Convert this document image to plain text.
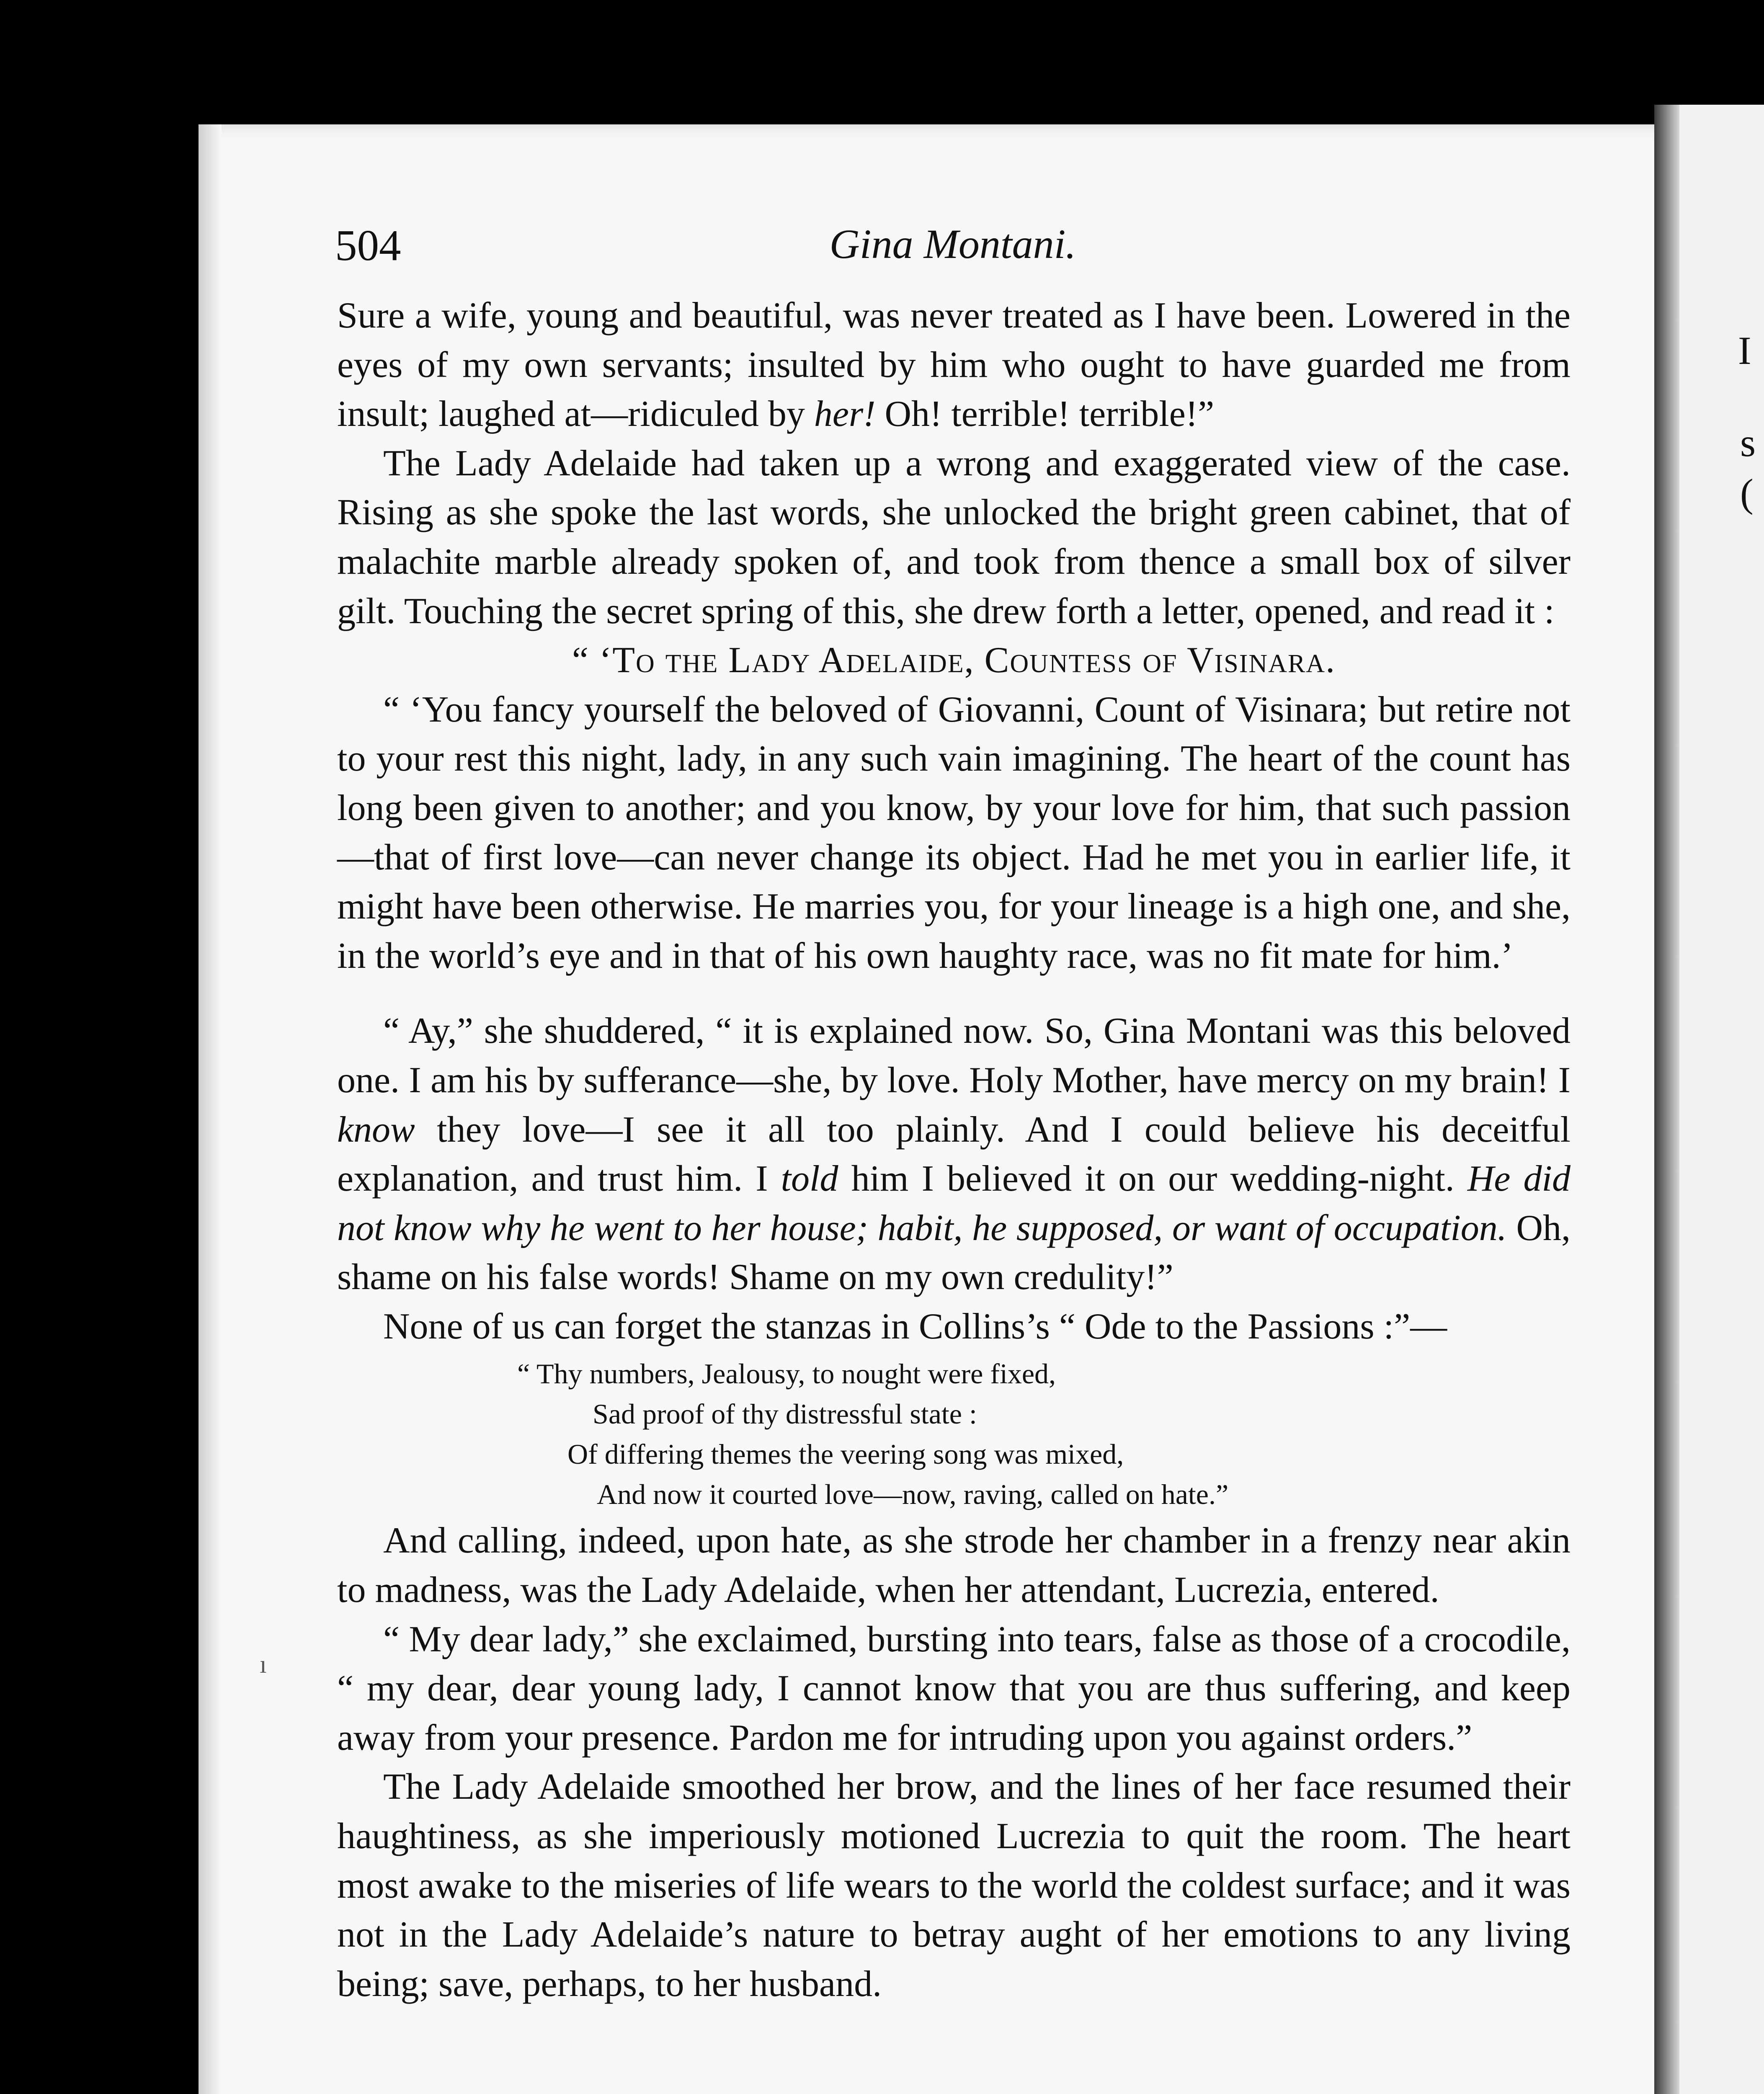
I
s
(
504	Gina Montani.

Sure a wife, young and beautiful, was never treated as I have been. Lowered in the eyes of my own servants; insulted by him who ought to have guarded me from insult; laughed at—ridiculed by her! Oh! terrible! terrible!”

The Lady Adelaide had taken up a wrong and exaggerated view of the case. Rising as she spoke the last words, she unlocked the bright green cabinet, that of malachite marble already spoken of, and took from thence a small box of silver gilt. Touching the secret spring of this, she drew forth a letter, opened, and read it :

“ ‘To the Lady Adelaide, Countess of Visinara.

“ ‘You fancy yourself the beloved of Giovanni, Count of Visinara; but retire not to your rest this night, lady, in any such vain imagining. The heart of the count has long been given to another; and you know, by your love for him, that such passion—that of first love—can never change its object. Had he met you in earlier life, it might have been otherwise. He marries you, for your lineage is a high one, and she, in the world’s eye and in that of his own haughty race, was no fit mate for him.’

“ Ay,” she shuddered, “ it is explained now. So, Gina Montani was this beloved one. I am his by sufferance—she, by love. Holy Mother, have mercy on my brain! I know they love—I see it all too plainly. And I could believe his deceitful explanation, and trust him. I told him I believed it on our wedding-night. He did not know why he went to her house; habit, he supposed, or want of occupation. Oh, shame on his false words! Shame on my own credulity!”

None of us can forget the stanzas in Collins’s “ Ode to the Passions :”—

“ Thy numbers, Jealousy, to nought were fixed,
Sad proof of thy distressful state :
Of differing themes the veering song was mixed,
And now it courted love—now, raving, called on hate.”

And calling, indeed, upon hate, as she strode her chamber in a frenzy near akin to madness, was the Lady Adelaide, when her attendant, Lucrezia, entered.

“ My dear lady,” she exclaimed, bursting into tears, false as those of a crocodile, “ my dear, dear young lady, I cannot know that you are thus suffering, and keep away from your presence. Pardon me for intruding upon you against orders.”

The Lady Adelaide smoothed her brow, and the lines of her face resumed their haughtiness, as she imperiously motioned Lucrezia to quit the room. The heart most awake to the miseries of life wears to the world the coldest surface; and it was not in the Lady Adelaide’s nature to betray aught of her emotions to any living being; save, perhaps, to her husband.

ı
